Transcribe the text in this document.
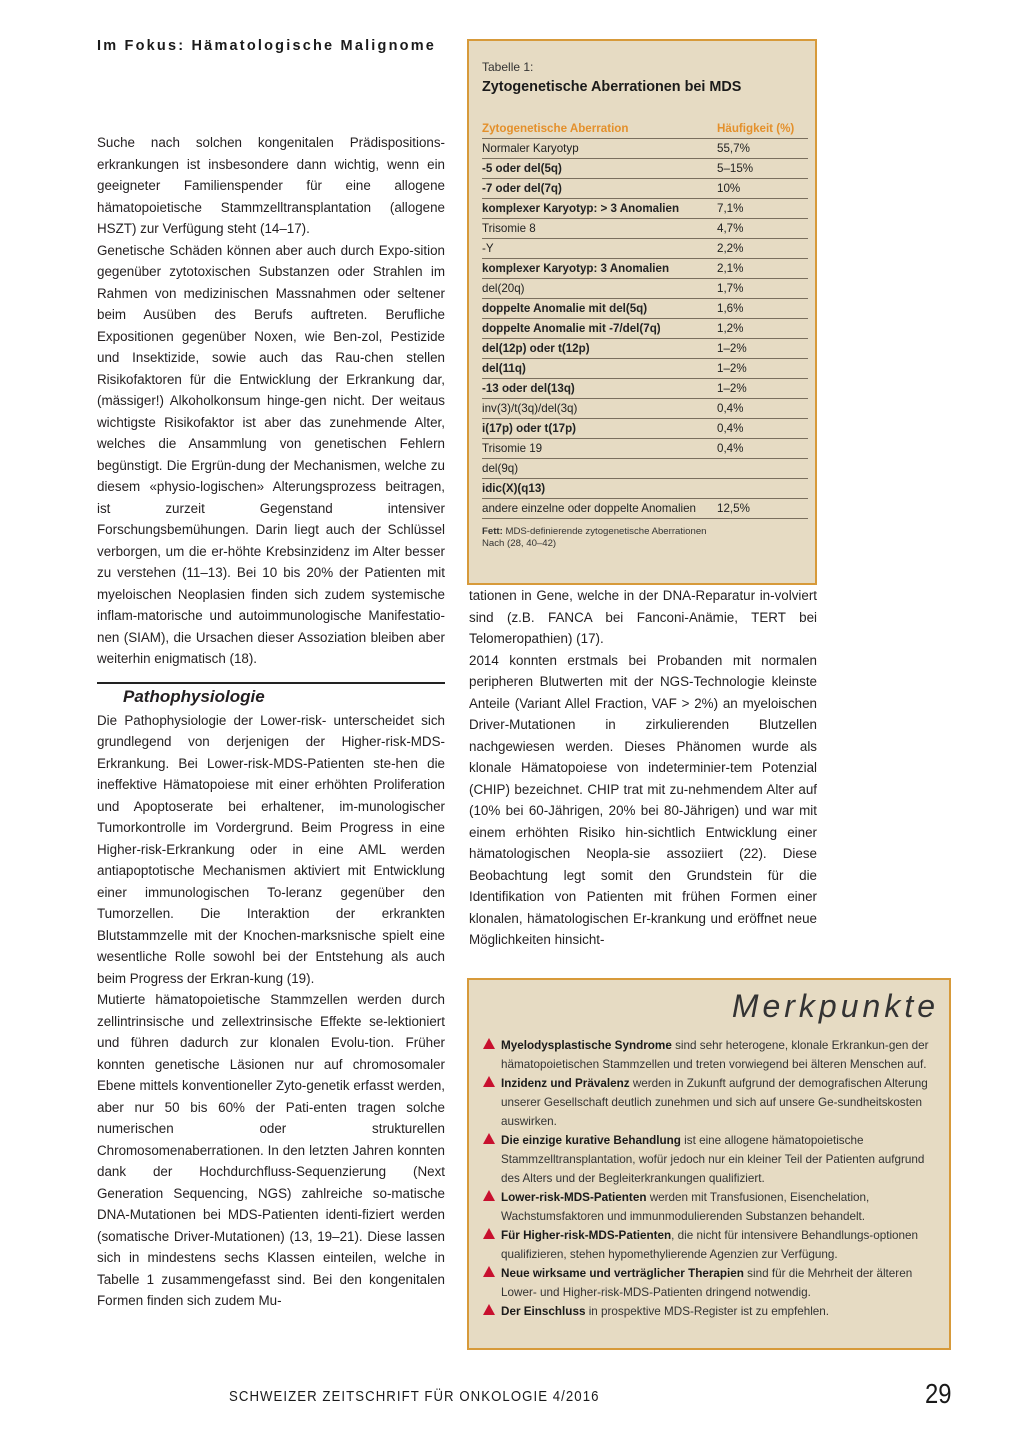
Im Fokus: Hämatologische Malignome

Suche nach solchen kongenitalen Prädispositions-erkrankungen ist insbesondere dann wichtig, wenn ein geeigneter Familienspender für eine allogene hämatopoietische Stammzelltransplantation (allogene HSZT) zur Verfügung steht (14–17).

Genetische Schäden können aber auch durch Expo-sition gegenüber zytotoxischen Substanzen oder Strahlen im Rahmen von medizinischen Massnahmen oder seltener beim Ausüben des Berufs auftreten. Berufliche Expositionen gegenüber Noxen, wie Ben-zol, Pestizide und Insektizide, sowie auch das Rau-chen stellen Risikofaktoren für die Entwicklung der Erkrankung dar, (mässiger!) Alkoholkonsum hinge-gen nicht. Der weitaus wichtigste Risikofaktor ist aber das zunehmende Alter, welches die Ansammlung von genetischen Fehlern begünstigt. Die Ergrün-dung der Mechanismen, welche zu diesem «physio-logischen» Alterungsprozess beitragen, ist zurzeit Gegenstand intensiver Forschungsbemühungen. Darin liegt auch der Schlüssel verborgen, um die er-höhte Krebsinzidenz im Alter besser zu verstehen (11–13). Bei 10 bis 20% der Patienten mit myeloischen Neoplasien finden sich zudem systemische inflam-matorische und autoimmunologische Manifestatio-nen (SIAM), die Ursachen dieser Assoziation bleiben aber weiterhin enigmatisch (18).

Pathophysiologie

Die Pathophysiologie der Lower-risk- unterscheidet sich grundlegend von derjenigen der Higher-risk-MDS-Erkrankung. Bei Lower-risk-MDS-Patienten ste-hen die ineffektive Hämatopoiese mit einer erhöhten Proliferation und Apoptoserate bei erhaltener, im-munologischer Tumorkontrolle im Vordergrund. Beim Progress in eine Higher-risk-Erkrankung oder in eine AML werden antiapoptotische Mechanismen aktiviert mit Entwicklung einer immunologischen To-leranz gegenüber den Tumorzellen. Die Interaktion der erkrankten Blutstammzelle mit der Knochen-marksnische spielt eine wesentliche Rolle sowohl bei der Entstehung als auch beim Progress der Erkran-kung (19).

Mutierte hämatopoietische Stammzellen werden durch zellintrinsische und zellextrinsische Effekte se-lektioniert und führen dadurch zur klonalen Evolu-tion. Früher konnten genetische Läsionen nur auf chromosomaler Ebene mittels konventioneller Zyto-genetik erfasst werden, aber nur 50 bis 60% der Pati-enten tragen solche numerischen oder strukturellen Chromosomenaberrationen. In den letzten Jahren konnten dank der Hochdurchfluss-Sequenzierung (Next Generation Sequencing, NGS) zahlreiche so-matische DNA-Mutationen bei MDS-Patienten identi-fiziert werden (somatische Driver-Mutationen) (13, 19–21). Diese lassen sich in mindestens sechs Klassen einteilen, welche in Tabelle 1 zusammengefasst sind. Bei den kongenitalen Formen finden sich zudem Mu-

Tabelle 1:
Zytogenetische Aberrationen bei MDS
Zytogenetische Aberration	Häufigkeit (%)
Normaler Karyotyp	55,7%
-5 oder del(5q)	5–15%
-7 oder del(7q)	10%
komplexer Karyotyp: > 3 Anomalien	7,1%
Trisomie 8	4,7%
-Y	2,2%
komplexer Karyotyp: 3 Anomalien	2,1%
del(20q)	1,7%
doppelte Anomalie mit del(5q)	1,6%
doppelte Anomalie mit -7/del(7q)	1,2%
del(12p) oder t(12p)	1–2%
del(11q)	1–2%
-13 oder del(13q)	1–2%
inv(3)/t(3q)/del(3q)	0,4%
i(17p) oder t(17p)	0,4%
Trisomie 19	0,4%
del(9q)
idic(X)(q13)
andere einzelne oder doppelte Anomalien	12,5%
Fett: MDS-definierende zytogenetische Aberrationen
Nach (28, 40–42)

tationen in Gene, welche in der DNA-Reparatur in-volviert sind (z.B. FANCA bei Fanconi-Anämie, TERT bei Telomeropathien) (17).

2014 konnten erstmals bei Probanden mit normalen peripheren Blutwerten mit der NGS-Technologie kleinste Anteile (Variant Allel Fraction, VAF > 2%) an myeloischen Driver-Mutationen in zirkulierenden Blutzellen nachgewiesen werden. Dieses Phänomen wurde als klonale Hämatopoiese von indeterminier-tem Potenzial (CHIP) bezeichnet. CHIP trat mit zu-nehmendem Alter auf (10% bei 60-Jährigen, 20% bei 80-Jährigen) und war mit einem erhöhten Risiko hin-sichtlich Entwicklung einer hämatologischen Neopla-sie assoziiert (22). Diese Beobachtung legt somit den Grundstein für die Identifikation von Patienten mit frühen Formen einer klonalen, hämatologischen Er-krankung und eröffnet neue Möglichkeiten hinsicht-

Merkpunkte
Myelodysplastische Syndrome sind sehr heterogene, klonale Erkrankun-gen der hämatopoietischen Stammzellen und treten vorwiegend bei älteren Menschen auf.
Inzidenz und Prävalenz werden in Zukunft aufgrund der demografischen Alterung unserer Gesellschaft deutlich zunehmen und sich auf unsere Ge-sundheitskosten auswirken.
Die einzige kurative Behandlung ist eine allogene hämatopoietische Stammzelltransplantation, wofür jedoch nur ein kleiner Teil der Patienten aufgrund des Alters und der Begleiterkrankungen qualifiziert.
Lower-risk-MDS-Patienten werden mit Transfusionen, Eisenchelation, Wachstumsfaktoren und immunmodulierenden Substanzen behandelt.
Für Higher-risk-MDS-Patienten, die nicht für intensivere Behandlungs-optionen qualifizieren, stehen hypomethylierende Agenzien zur Verfügung.
Neue wirksame und verträglicher Therapien sind für die Mehrheit der älteren Lower- und Higher-risk-MDS-Patienten dringend notwendig.
Der Einschluss in prospektive MDS-Register ist zu empfehlen.
SCHWEIZER ZEITSCHRIFT FÜR ONKOLOGIE 4/2016	29
